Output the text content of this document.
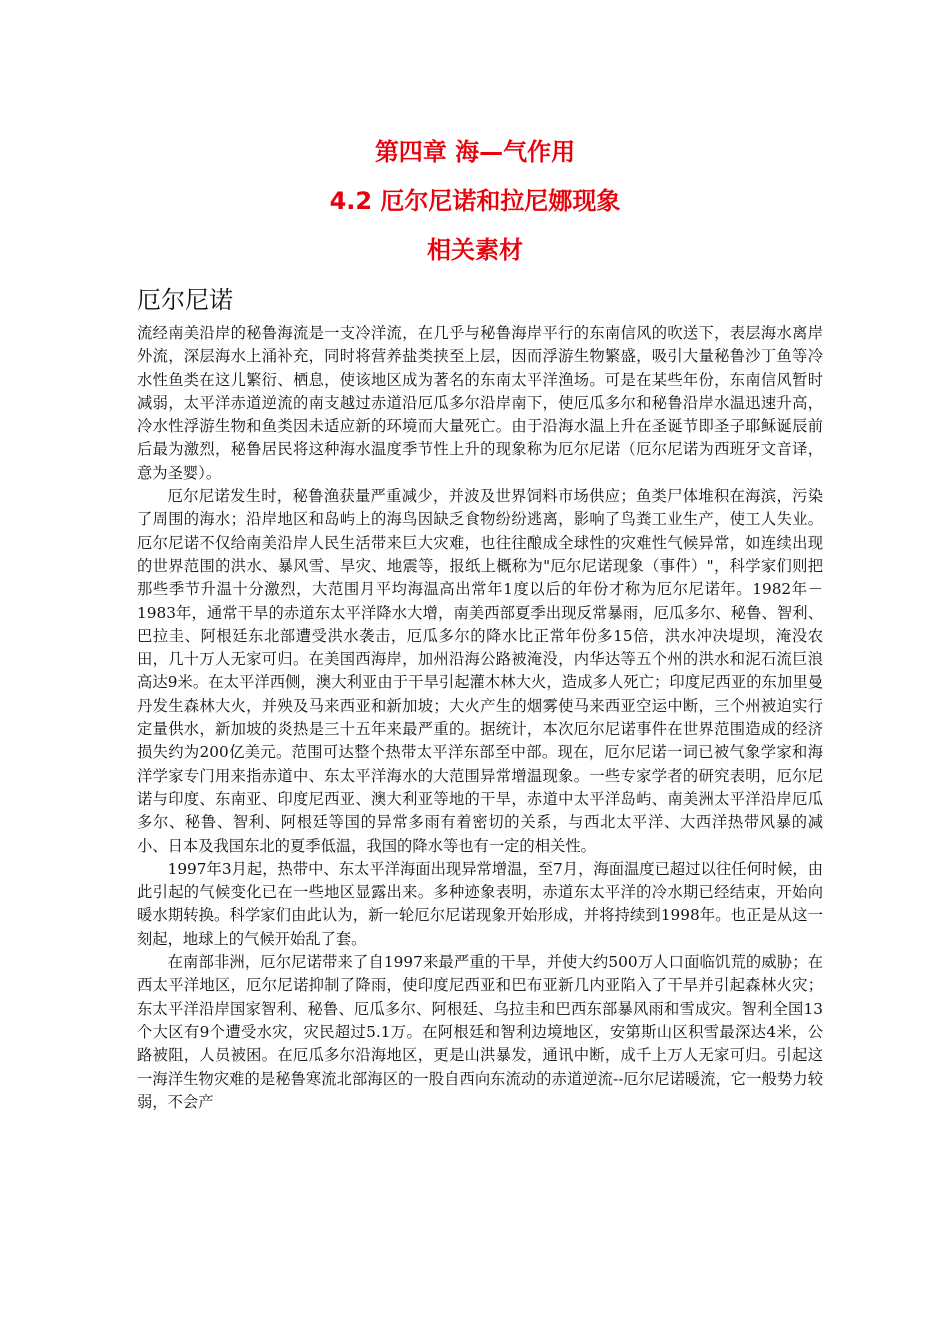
第四章 海—气作用
4.2 厄尔尼诺和拉尼娜现象
相关素材
厄尔尼诺

流经南美沿岸的秘鲁海流是一支冷洋流，在几乎与秘鲁海岸平行的东南信风的吹送下，表层海水离岸外流，深层海水上涌补充，同时将营养盐类挟至上层，因而浮游生物繁盛，吸引大量秘鲁沙丁鱼等冷水性鱼类在这儿繁衍、栖息，使该地区成为著名的东南太平洋渔场。可是在某些年份，东南信风暂时减弱，太平洋赤道逆流的南支越过赤道沿厄瓜多尔沿岸南下，使厄瓜多尔和秘鲁沿岸水温迅速升高，冷水性浮游生物和鱼类因未适应新的环境而大量死亡。由于沿海水温上升在圣诞节即圣子耶稣诞辰前后最为激烈，秘鲁居民将这种海水温度季节性上升的现象称为厄尔尼诺（厄尔尼诺为西班牙文音译，意为圣婴）。

厄尔尼诺发生时，秘鲁渔获量严重减少，并波及世界饲料市场供应；鱼类尸体堆积在海滨，污染了周围的海水；沿岸地区和岛屿上的海鸟因缺乏食物纷纷逃离，影响了鸟粪工业生产，使工人失业。厄尔尼诺不仅给南美沿岸人民生活带来巨大灾难，也往往酿成全球性的灾难性气候异常，如连续出现的世界范围的洪水、暴风雪、旱灾、地震等，报纸上概称为"厄尔尼诺现象（事件）"，科学家们则把那些季节升温十分激烈，大范围月平均海温高出常年1度以后的年份才称为厄尔尼诺年。1982年－1983年，通常干旱的赤道东太平洋降水大增，南美西部夏季出现反常暴雨，厄瓜多尔、秘鲁、智利、巴拉圭、阿根廷东北部遭受洪水袭击，厄瓜多尔的降水比正常年份多15倍，洪水冲决堤坝，淹没农田，几十万人无家可归。在美国西海岸，加州沿海公路被淹没，内华达等五个州的洪水和泥石流巨浪高达9米。在太平洋西侧，澳大利亚由于干旱引起灌木林大火，造成多人死亡；印度尼西亚的东加里曼丹发生森林大火，并殃及马来西亚和新加坡；大火产生的烟雾使马来西亚空运中断，三个州被迫实行定量供水，新加坡的炎热是三十五年来最严重的。据统计，本次厄尔尼诺事件在世界范围造成的经济损失约为200亿美元。范围可达整个热带太平洋东部至中部。现在，厄尔尼诺一词已被气象学家和海洋学家专门用来指赤道中、东太平洋海水的大范围异常增温现象。一些专家学者的研究表明，厄尔尼诺与印度、东南亚、印度尼西亚、澳大利亚等地的干旱，赤道中太平洋岛屿、南美洲太平洋沿岸厄瓜多尔、秘鲁、智利、阿根廷等国的异常多雨有着密切的关系，与西北太平洋、大西洋热带风暴的减小、日本及我国东北的夏季低温，我国的降水等也有一定的相关性。

1997年3月起，热带中、东太平洋海面出现异常增温，至7月，海面温度已超过以往任何时候，由此引起的气候变化已在一些地区显露出来。多种迹象表明，赤道东太平洋的冷水期已经结束，开始向暖水期转换。科学家们由此认为，新一轮厄尔尼诺现象开始形成，并将持续到1998年。也正是从这一刻起，地球上的气候开始乱了套。

在南部非洲，厄尔尼诺带来了自1997来最严重的干旱，并使大约500万人口面临饥荒的威胁；在西太平洋地区，厄尔尼诺抑制了降雨，使印度尼西亚和巴布亚新几内亚陷入了干旱并引起森林火灾；东太平洋沿岸国家智利、秘鲁、厄瓜多尔、阿根廷、乌拉圭和巴西东部暴风雨和雪成灾。智利全国13个大区有9个遭受水灾，灾民超过5.1万。在阿根廷和智利边境地区，安第斯山区积雪最深达4米，公路被阻，人员被困。在厄瓜多尔沿海地区，更是山洪暴发，通讯中断，成千上万人无家可归。引起这一海洋生物灾难的是秘鲁寒流北部海区的一股自西向东流动的赤道逆流--厄尔尼诺暖流，它一般势力较弱，不会产
